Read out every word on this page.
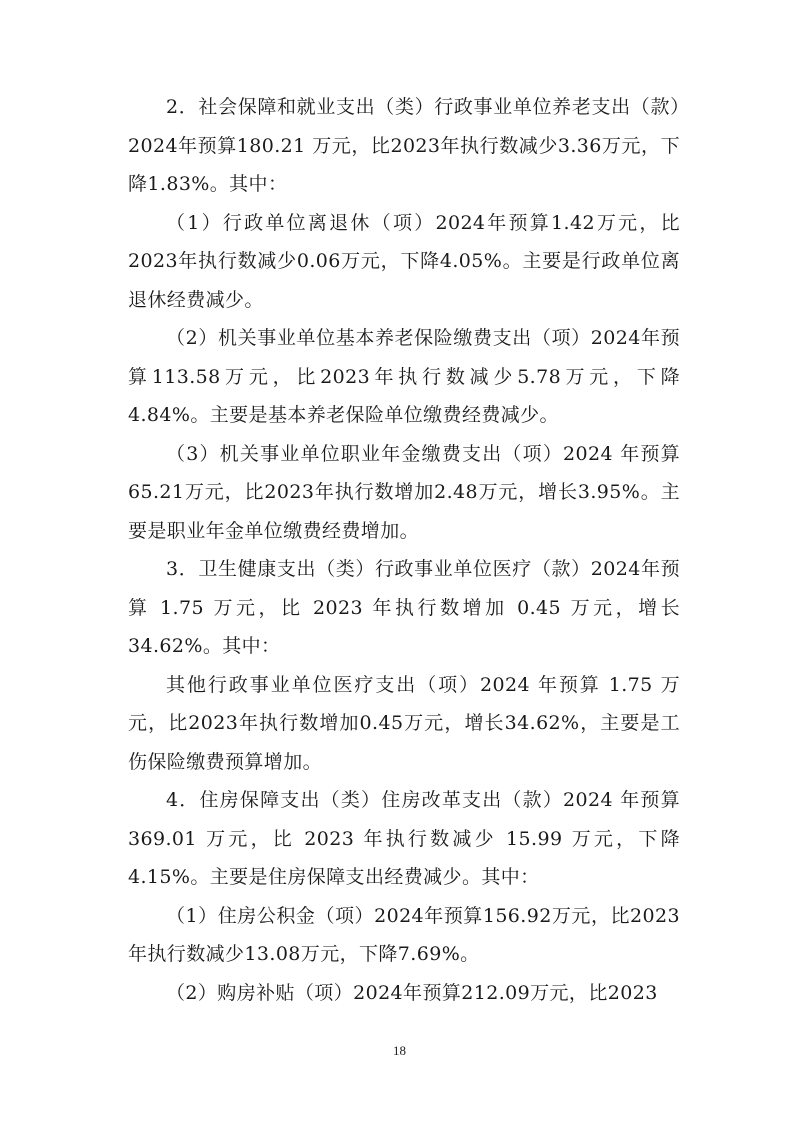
2．社会保障和就业支出（类）行政事业单位养老支出（款）2024年预算180.21 万元，比2023年执行数减少3.36万元，下降1.83%。其中：

（1）行政单位离退休（项）2024年预算1.42万元，比2023年执行数减少0.06万元，下降4.05%。主要是行政单位离退休经费减少。

（2）机关事业单位基本养老保险缴费支出（项）2024年预算113.58万元，比2023年执行数减少5.78万元，下降4.84%。主要是基本养老保险单位缴费经费减少。

（3）机关事业单位职业年金缴费支出（项）2024 年预算65.21万元，比2023年执行数增加2.48万元，增长3.95%。主要是职业年金单位缴费经费增加。

3．卫生健康支出（类）行政事业单位医疗（款）2024年预算 1.75 万元，比 2023 年执行数增加 0.45 万元，增长34.62%。其中：

其他行政事业单位医疗支出（项）2024 年预算 1.75 万元，比2023年执行数增加0.45万元，增长34.62%，主要是工伤保险缴费预算增加。

4．住房保障支出（类）住房改革支出（款）2024 年预算 369.01 万元，比 2023 年执行数减少 15.99 万元，下降4.15%。主要是住房保障支出经费减少。其中：

（1）住房公积金（项）2024年预算156.92万元，比2023年执行数减少13.08万元，下降7.69%。

（2）购房补贴（项）2024年预算212.09万元，比2023

18
